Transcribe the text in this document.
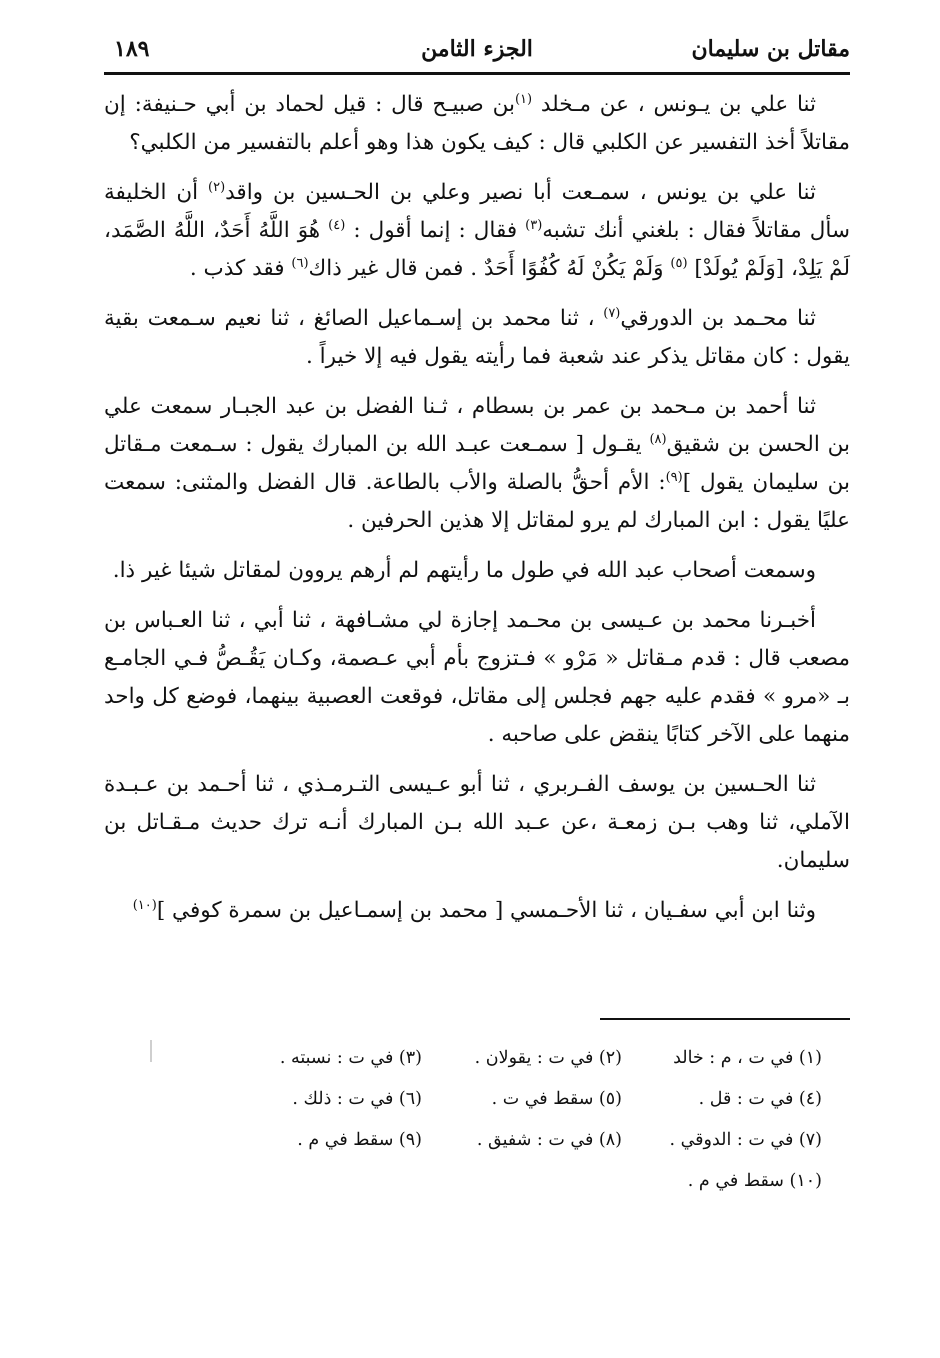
مقاتل بن سليمان
الجزء الثامن
١٨٩

ثنا علي بن يـونس ، عن مـخلد $^{(١)}$بن صبيـح قال : قيل لحماد بن أبي حـنيفة: إن مقاتلاً أخذ التفسير عن الكلبي قال : كيف يكون هذا وهو أعلم بالتفسير من الكلبي؟

ثنا علي بن يونس ، سمـعت أبا نصير وعلي بن الحـسين بن واقد$^{(٢)}$ أن الخليفة سأل مقاتلاً فقال : بلغني أنك تشبه$^{(٣)}$ فقال : إنما أقول : $^{(٤)}$ هُوَ اللَّهُ أَحَدٌ، اللَّهُ الصَّمَد، لَمْ يَلِدْ، [وَلَمْ يُولَدْ] $^{(٥)}$ وَلَمْ يَكُنْ لَهُ كُفُوًا أَحَدٌ . فمن قال غير ذاك$^{(٦)}$ فقد كذب .

ثنا محـمد بن الدورقي$^{(٧)}$ ، ثنا محمد بن إسـماعيل الصائغ ، ثنا نعيم سـمعت بقية يقول : كان مقاتل يذكر عند شعبة فما رأيته يقول فيه إلا خيراً .

ثنا أحمد بن مـحمد بن عمر بن بسطام ، ثـنا الفضل بن عبد الجبـار سمعت علي بن الحسن بن شقيق$^{(٨)}$ يقـول [ سمـعت عبـد الله بن المبارك يقول : سـمعت مـقاتل بن سليمان يقول ]$^{(٩)}$: الأم أحقُّ بالصلة والأب بالطاعة. قال الفضل والمثنى: سمعت عليًا يقول : ابن المبارك لم يرو لمقاتل إلا هذين الحرفين .

وسمعت أصحاب عبد الله في طول ما رأيتهم لم أرهم يروون لمقاتل شيئا غير ذا.

أخبـرنا محمد بن عـيسى بن محـمد إجازة لي مشـافهة ، ثنا أبي ، ثنا العـباس بن مصعب قال : قدم مـقاتل « مَرْو » فـتزوج بأم أبي عـصمة، وكـان يَقُـصُّ فـي الجامـع بـ «مرو » فقدم عليه جهم فجلس إلى مقاتل، فوقعت العصبية بينهما، فوضع كل واحد منهما على الآخر كتابًا ينقض على صاحبه .

ثنا الحـسين بن يوسف الفـربري ، ثنا أبو عـيسى التـرمـذي ، ثنا أحـمد بن عـبـدة الآملي، ثنا وهب بـن زمعـة ،عن عـبد الله بـن المبارك أنـه ترك حديث مـقـاتل بن سليمان.

وثنا ابن أبي سفـيان ، ثنا الأحـمسي [ محمد بن إسمـاعيل بن سمرة كوفي ]$^{(١٠)}$

(١) في ت ، م : خالد
(٢) في ت : يقولان .
(٣) في ت : نسبته .
(٤) في ت : قل .
(٥) سقط في ت .
(٦) في ت : ذلك .
(٧) في ت : الدوقي .
(٨) في ت : شفيق .
(٩) سقط في م .
(١٠) سقط في م .
